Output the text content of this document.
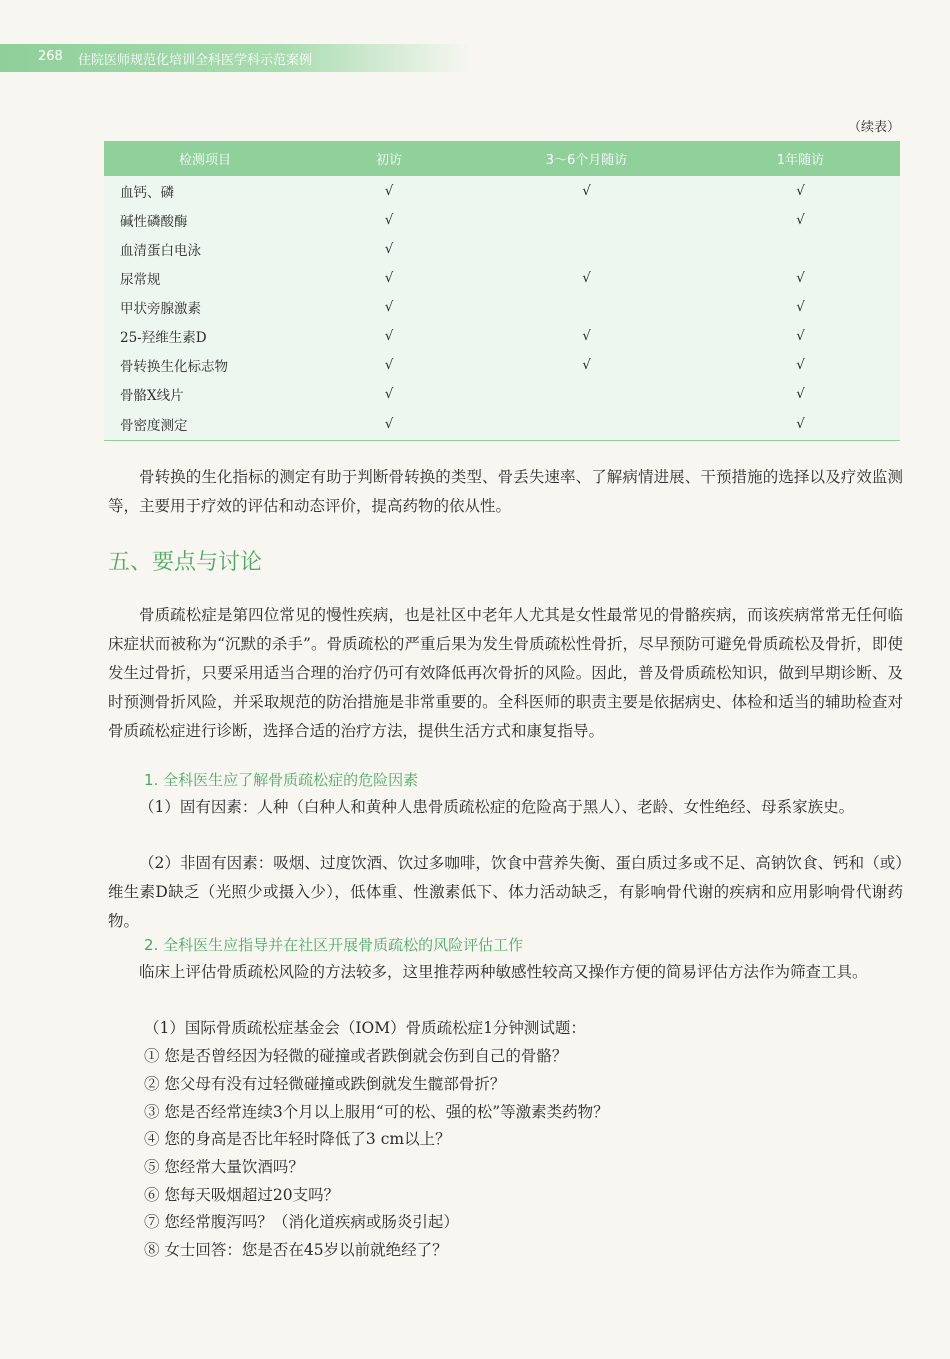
268 住院医师规范化培训全科医学科示范案例
（续表）
检测项目	初访	3～6个月随访	1年随访
血钙、磷	√	√	√
碱性磷酸酶	√		√
血清蛋白电泳	√		
尿常规	√	√	√
甲状旁腺激素	√		√
25-羟维生素D	√	√	√
骨转换生化标志物	√	√	√
骨骼X线片	√		√
骨密度测定	√		√

骨转换的生化指标的测定有助于判断骨转换的类型、骨丢失速率、了解病情进展、干预措施的选择以及疗效监测等，主要用于疗效的评估和动态评价，提高药物的依从性。

五、要点与讨论

骨质疏松症是第四位常见的慢性疾病，也是社区中老年人尤其是女性最常见的骨骼疾病，而该疾病常常无任何临床症状而被称为“沉默的杀手”。骨质疏松的严重后果为发生骨质疏松性骨折，尽早预防可避免骨质疏松及骨折，即使发生过骨折，只要采用适当合理的治疗仍可有效降低再次骨折的风险。因此，普及骨质疏松知识，做到早期诊断、及时预测骨折风险，并采取规范的防治措施是非常重要的。全科医师的职责主要是依据病史、体检和适当的辅助检查对骨质疏松症进行诊断，选择合适的治疗方法，提供生活方式和康复指导。

1. 全科医生应了解骨质疏松症的危险因素

（1）固有因素：人种（白种人和黄种人患骨质疏松症的危险高于黑人）、老龄、女性绝经、母系家族史。

（2）非固有因素：吸烟、过度饮酒、饮过多咖啡，饮食中营养失衡、蛋白质过多或不足、高钠饮食、钙和（或）维生素D缺乏（光照少或摄入少），低体重、性激素低下、体力活动缺乏，有影响骨代谢的疾病和应用影响骨代谢药物。

2. 全科医生应指导并在社区开展骨质疏松的风险评估工作

临床上评估骨质疏松风险的方法较多，这里推荐两种敏感性较高又操作方便的简易评估方法作为筛查工具。

（1）国际骨质疏松症基金会（IOM）骨质疏松症1分钟测试题：

① 您是否曾经因为轻微的碰撞或者跌倒就会伤到自己的骨骼？

② 您父母有没有过轻微碰撞或跌倒就发生髋部骨折？

③ 您是否经常连续3个月以上服用“可的松、强的松”等激素类药物？

④ 您的身高是否比年轻时降低了3 cm以上？

⑤ 您经常大量饮酒吗？

⑥ 您每天吸烟超过20支吗？

⑦ 您经常腹泻吗？（消化道疾病或肠炎引起）

⑧ 女士回答：您是否在45岁以前就绝经了？
